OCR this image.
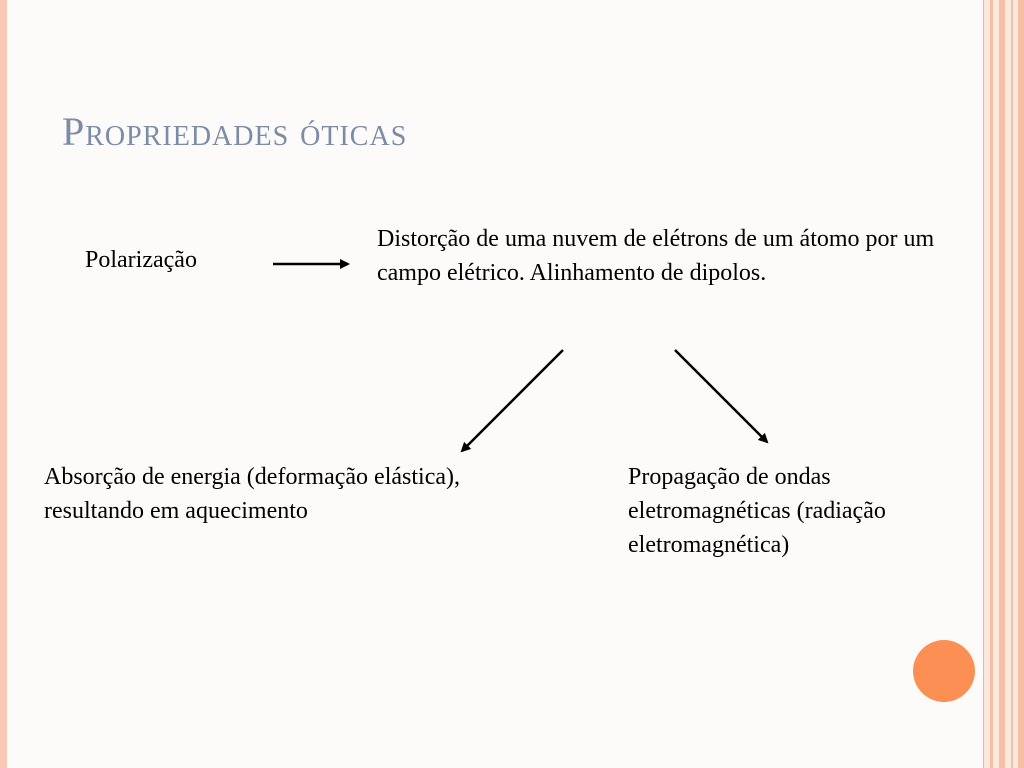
Propriedades óticas

Polarização

Distorção de uma nuvem de elétrons de um átomo por um campo elétrico. Alinhamento de dipolos.

Absorção de energia (deformação elástica), resultando em aquecimento

Propagação de ondas eletromagnéticas (radiação eletromagnética)
